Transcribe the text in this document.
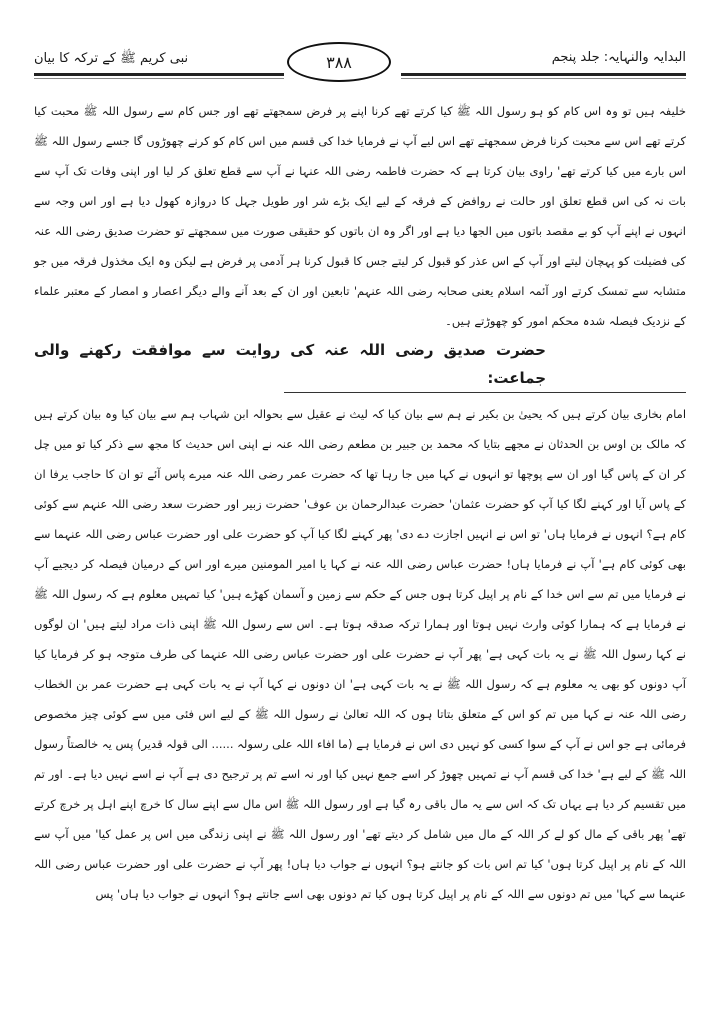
البدایہ والنہایہ: جلد پنجم
نبی کریم ﷺ کے ترکہ کا بیان	۳۸۸
خلیفہ ہیں تو وہ اس کام کو ہو رسول اللہ ﷺ کیا کرتے تھے کرنا اپنے پر فرض سمجھتے تھے اور جس کام سے رسول اللہ ﷺ محبت کیاکرتے تھے اس سے محبت کرنا فرض سمجھتے تھے اس لیے آپ نے فرمایا خدا کی قسم میں اس کام کو کرنے چھوڑوں گا جسے رسولاللہ ﷺ اس بارے میں کیا کرتے تھے' راوی بیان کرتا ہے کہ حضرت فاطمہ رضی اللہ عنہا نے آپ سے قطع تعلق کر لیا اور اپنی وفات تکآپ سے بات نہ کی اس قطع تعلق اور حالت نے روافض کے فرقہ کے لیے ایک بڑے شر اور طویل جہل کا دروازہ کھول دیا ہے اوراس وجہ سے انہوں نے اپنے آپ کو بے مقصد باتوں میں الجھا دیا ہے اور اگر وہ ان باتوں کو حقیقی صورت میں سمجھتے تو حضرت صدیقرضی اللہ عنہ کی فضیلت کو پہچان لیتے اور آپ کے اس عذر کو قبول کر لیتے جس کا قبول کرنا ہر آدمی پر فرض ہے لیکن وہ ایک مخذول فرقہ میںجو متشابہ سے تمسک کرتے اور آئمہ اسلام یعنی صحابہ رضی اللہ عنہم' تابعین اور ان کے بعد آنے والے دیگر اعصار و امصار کے معتبر علماء کےنزدیک فیصلہ شدہ محکم امور کو چھوڑتے ہیں۔
حضرت صدیق رضی اللہ عنہ کی روایت سے موافقت رکھنے والی جماعت:
امام بخاری بیان کرتے ہیں کہ یحییٰ بن بکیر نے ہم سے بیان کیا کہ لیث نے عقیل سے بحوالہ ابن شہاب ہم سے بیان کیا وہبیان کرتے ہیں کہ مالک بن اوس بن الحدثان نے مجھے بتایا کہ محمد بن جبیر بن مطعم رضی اللہ عنہ نے اپنی اس حدیث کا مجھ سے ذکر کیا تو میںچل کر ان کے پاس گیا اور ان سے پوچھا تو انہوں نے کہا میں جا رہا تھا کہ حضرت عمر رضی اللہ عنہ میرے پاس آئے تو ان کا حاجب یرفا انکے پاس آیا اور کہنے لگا کیا آپ کو حضرت عثمان' حضرت عبدالرحمان بن عوف' حضرت زبیر اور حضرت سعد رضی اللہ عنہم سے کوئی کام ہے؟انہوں نے فرمایا ہاں' تو اس نے انہیں اجازت دے دی' پھر کہنے لگا کیا آپ کو حضرت علی اور حضرت عباس رضی اللہ عنہما سے بھی کوئی کامہے' آپ نے فرمایا ہاں! حضرت عباس رضی اللہ عنہ نے کہا یا امیر المومنین میرے اور اس کے درمیان فیصلہ کر دیجیے آپ نے فرمایا میں تمسے اس خدا کے نام پر اپیل کرتا ہوں جس کے حکم سے زمین و آسمان کھڑے ہیں' کیا تمہیں معلوم ہے کہ رسول اللہ ﷺ نے فرمایاہے کہ ہمارا کوئی وارث نہیں ہوتا اور ہمارا ترکہ صدقہ ہوتا ہے۔ اس سے رسول اللہ ﷺ اپنی ذات مراد لیتے ہیں' ان لوگوں نے کہارسول اللہ ﷺ نے یہ بات کہی ہے' پھر آپ نے حضرت علی اور حضرت عباس رضی اللہ عنہما کی طرف متوجہ ہو کر فرمایا کیا آپ دونوں کو بھییہ معلوم ہے کہ رسول اللہ ﷺ نے یہ بات کہی ہے' ان دونوں نے کہا آپ نے یہ بات کہی ہے حضرت عمر بن الخطاب رضی اللہ عنہ نے کہامیں تم کو اس کے متعلق بتاتا ہوں کہ اللہ تعالیٰ نے رسول اللہ ﷺ کے لیے اس فئی میں سے کوئی چیز مخصوص فرمائی ہے جو اس نےآپ کے سوا کسی کو نہیں دی اس نے فرمایا ہے (ما افاء اللہ علی رسولہ ...... الی قولہ قدیر) پس یہ خالصتاً رسول اللہ ﷺکے لیے ہے' خدا کی قسم آپ نے تمہیں چھوڑ کر اسے جمع نہیں کیا اور نہ اسے تم پر ترجیح دی ہے آپ نے اسے نہیں دیا ہے۔ اور تم میںتقسیم کر دیا ہے یہاں تک کہ اس سے یہ مال باقی رہ گیا ہے اور رسول اللہ ﷺ اس مال سے اپنے سال کا خرچ اپنے اہل پر خرچکرتے تھے' پھر باقی کے مال کو لے کر اللہ کے مال میں شامل کر دیتے تھے' اور رسول اللہ ﷺ نے اپنی زندگی میں اس پر عمل کیا' میںآپ سے اللہ کے نام پر اپیل کرتا ہوں' کیا تم اس بات کو جانتے ہو؟ انہوں نے جواب دیا ہاں! پھر آپ نے حضرت علی اور حضرتعباس رضی اللہ عنہما سے کہا' میں تم دونوں سے اللہ کے نام پر اپیل کرتا ہوں کیا تم دونوں بھی اسے جانتے ہو؟ انہوں نے جواب دیا ہاں' پس
